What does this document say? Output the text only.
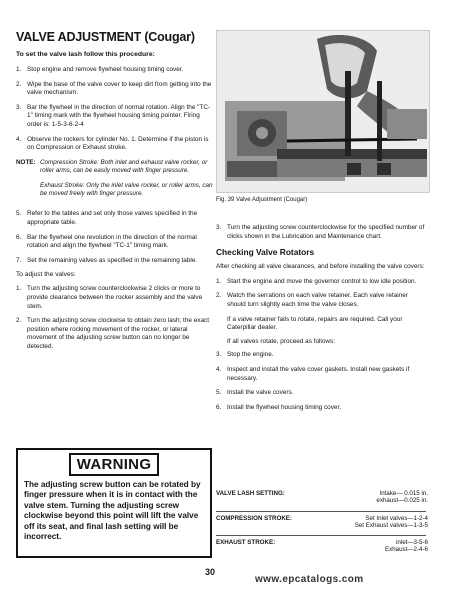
VALVE ADJUSTMENT (Cougar)
To set the valve lash follow this procedure:
1. Stop engine and remove flywheel housing timing cover.
2. Wipe the base of the valve cover to keep dirt from getting into the valve mechanism.
3. Bar the flywheel in the direction of normal rotation. Align the "TC-1" timing mark with the flywheel housing timing pointer. Firing order is: 1-5-3-6-2-4
4. Observe the rockers for cylinder No. 1. Determine if the piston is on Compression or Exhaust stroke.
NOTE: Compression Stroke: Both inlet and exhaust valve rocker, or roller arms, can be easily moved with finger pressure.

Exhaust Stroke: Only the inlet valve rocker, or roller arms, can be moved freely with finger pressure.

5. Refer to the tables and set only those valves specified in the appropriate table.
6. Bar the flywheel one revolution in the direction of the normal rotation and align the flywheel "TC-1" timing mark.
7. Set the remaining valves as specified in the remaining table.
To adjust the valves:
1. Turn the adjusting screw counterclockwise 2 clicks or more to provide clearance between the rocker assembly and the valve stem.
2. Turn the adjusting screw clockwise to obtain zero lash; the exact position where rocking movement of the rocker, or lateral movement of the adjusting screw button can no longer be detected.
WARNING
The adjusting screw button can be rotated by finger pressure when it is in contact with the valve stem. Turning the adjusting screw clockwise beyond this point will lift the valve off its seat, and final lash setting will be incorrect.
Fig. 39 Valve Adjustment (Cougar)
3. Turn the adjusting screw counterclockwise for the specified number of clicks shown in the Lubrication and Maintenance chart.
Checking Valve Rotators

After checking all valve clearances, and before installing the valve covers:

1. Start the engine and move the governor control to low idle position.
2. Watch the serrations on each valve retainer. Each valve retainer should turn slightly each time the valve closes.

If a valve retainer fails to rotate, repairs are required. Call your Caterpillar dealer.

If all valves rotate, proceed as follows:

3. Stop the engine.
4. Inspect and install the valve cover gaskets. Install new gaskets if necessary.
5. Install the valve covers.
6. Install the flywheel housing timing cover.
VALVE LASH SETTING:	Intake— 0.015 in.
exhaust—0.025 in.
COMPRESSION STROKE:	Set Inlet valves—1-2-4
Set Exhaust valves—1-3-5
EXHAUST STROKE:	inlet—3-5-6
Exhaust—2-4-6
30
www.epcatalogs.com
